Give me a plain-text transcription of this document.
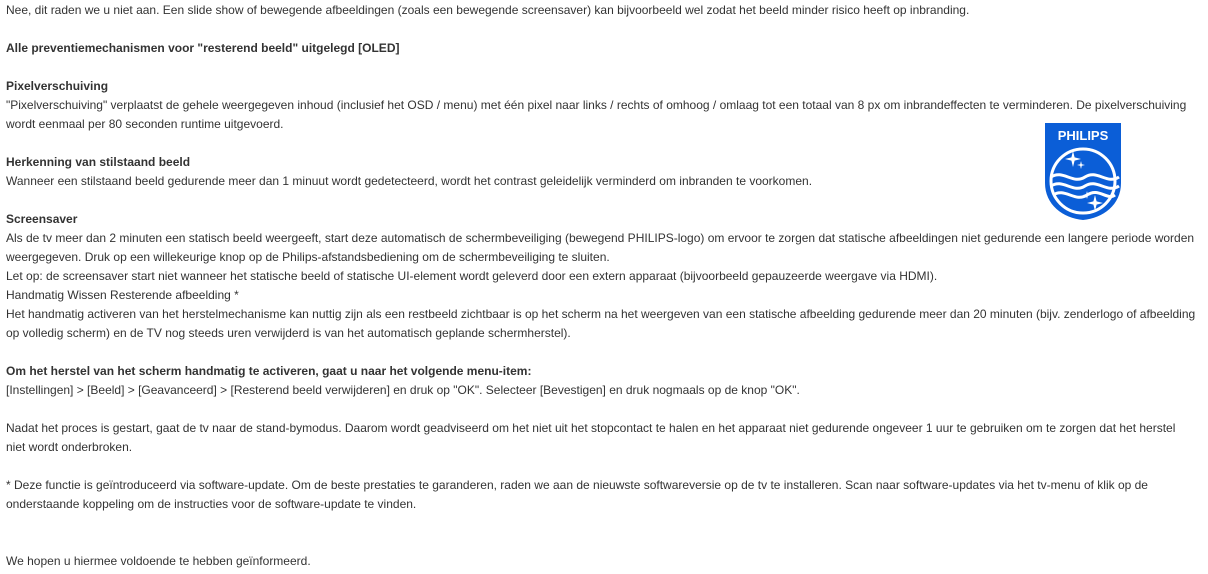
Nee, dit raden we u niet aan. Een slide show of bewegende afbeeldingen (zoals een bewegende screensaver) kan bijvoorbeeld wel zodat het beeld minder risico heeft op inbranding.

Alle preventiemechanismen voor "resterend beeld" uitgelegd [OLED]

Pixelverschuiving

"Pixelverschuiving" verplaatst de gehele weergegeven inhoud (inclusief het OSD / menu) met één pixel naar links / rechts of omhoog / omlaag tot een totaal van 8 px om inbrandeffecten te verminderen. De pixelverschuiving wordt eenmaal per 80 seconden runtime uitgevoerd.

Herkenning van stilstaand beeld

Wanneer een stilstaand beeld gedurende meer dan 1 minuut wordt gedetecteerd, wordt het contrast geleidelijk verminderd om inbranden te voorkomen.

Screensaver

Als de tv meer dan 2 minuten een statisch beeld weergeeft, start deze automatisch de schermbeveiliging (bewegend PHILIPS-logo) om ervoor te zorgen dat statische afbeeldingen niet gedurende een langere periode worden weergegeven. Druk op een willekeurige knop op de Philips-afstandsbediening om de schermbeveiliging te sluiten.

Let op: de screensaver start niet wanneer het statische beeld of statische UI-element wordt geleverd door een extern apparaat (bijvoorbeeld gepauzeerde weergave via HDMI).

Handmatig Wissen Resterende afbeelding *

Het handmatig activeren van het herstelmechanisme kan nuttig zijn als een restbeeld zichtbaar is op het scherm na het weergeven van een statische afbeelding gedurende meer dan 20 minuten (bijv. zenderlogo of afbeelding op volledig scherm) en de TV nog steeds uren verwijderd is van het automatisch geplande schermherstel).

Om het herstel van het scherm handmatig te activeren, gaat u naar het volgende menu-item:

[Instellingen] > [Beeld] > [Geavanceerd] > [Resterend beeld verwijderen] en druk op "OK". Selecteer [Bevestigen] en druk nogmaals op de knop "OK".

Nadat het proces is gestart, gaat de tv naar de stand-bymodus. Daarom wordt geadviseerd om het niet uit het stopcontact te halen en het apparaat niet gedurende ongeveer 1 uur te gebruiken om te zorgen dat het herstel niet wordt onderbroken.

* Deze functie is geïntroduceerd via software-update. Om de beste prestaties te garanderen, raden we aan de nieuwste softwareversie op de tv te installeren. Scan naar software-updates via het tv-menu of klik op de onderstaande koppeling om de instructies voor de software-update te vinden.

We hopen u hiermee voldoende te hebben geïnformeerd.

PHILIPS
